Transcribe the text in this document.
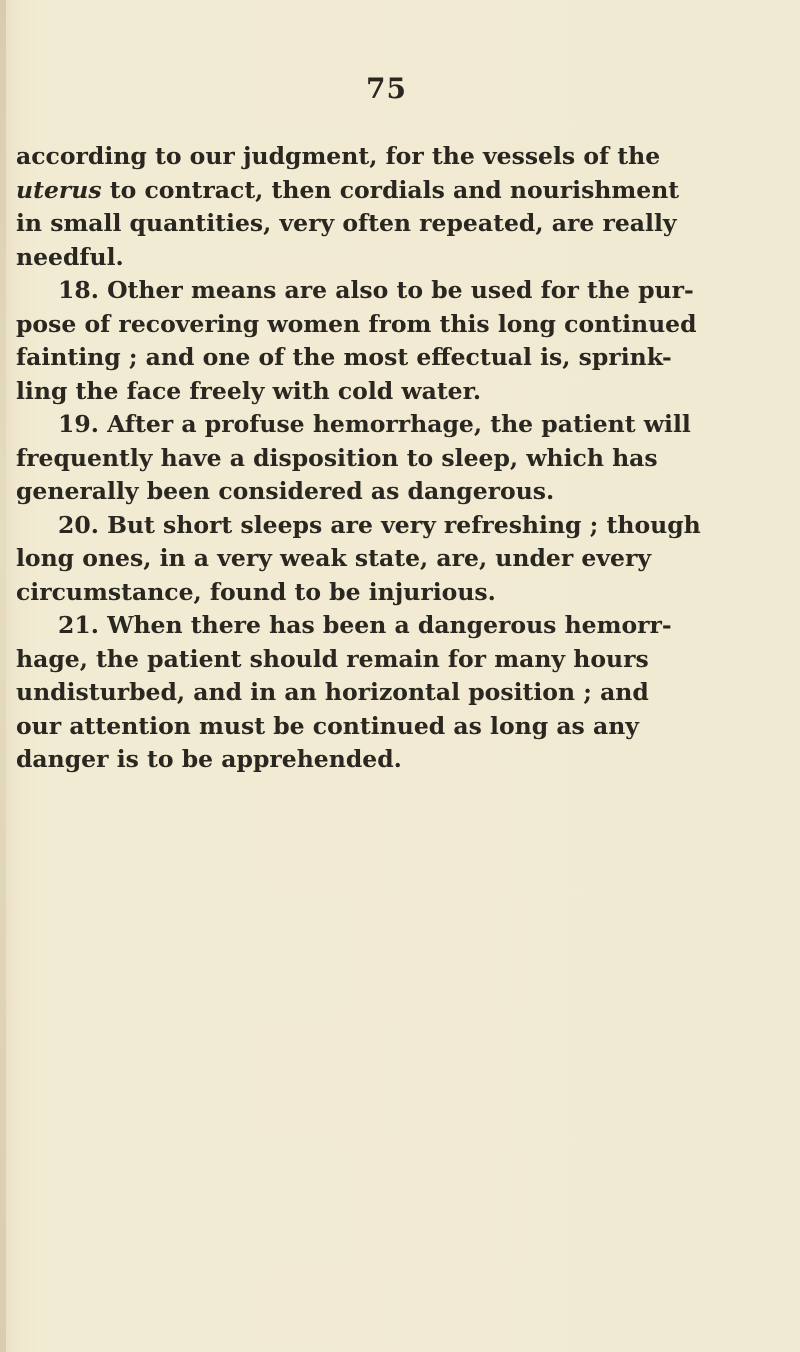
75
according to our judgment, for the vessels of the
uterus to contract, then cordials and nourishment
in small quantities, very often repeated, are really
needful.
18. Other means are also to be used for the pur-
pose of recovering women from this long continued
fainting ; and one of the most effectual is, sprink-
ling the face freely with cold water.
19. After a profuse hemorrhage, the patient will
frequently have a disposition to sleep, which has
generally been considered as dangerous.
20. But short sleeps are very refreshing ; though
long ones, in a very weak state, are, under every
circumstance, found to be injurious.
21. When there has been a dangerous hemorr-
hage, the patient should remain for many hours
undisturbed, and in an horizontal position ; and
our attention must be continued as long as any
danger is to be apprehended.
